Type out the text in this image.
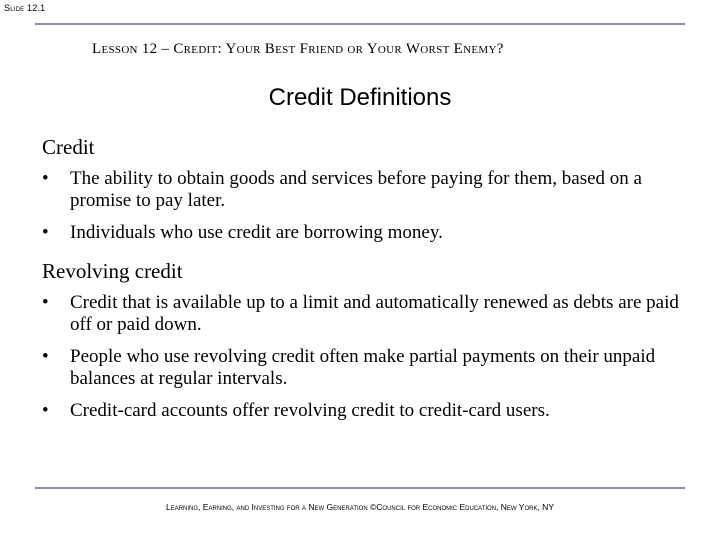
Slide 12.1
Lesson 12 – Credit: Your Best Friend or Your Worst Enemy?
Credit Definitions
Credit
•	The ability to obtain goods and services before paying for them, based on a promise to pay later.
•	Individuals who use credit are borrowing money.
Revolving credit
•	Credit that is available up to a limit and automatically renewed as debts are paid off or paid down.
•	People who use revolving credit often make partial payments on their unpaid balances at regular intervals.
•	Credit-card accounts offer revolving credit to credit-card users.
Learning, Earning, and Investing for a New Generation ©Council for Economic Education, New York, NY
